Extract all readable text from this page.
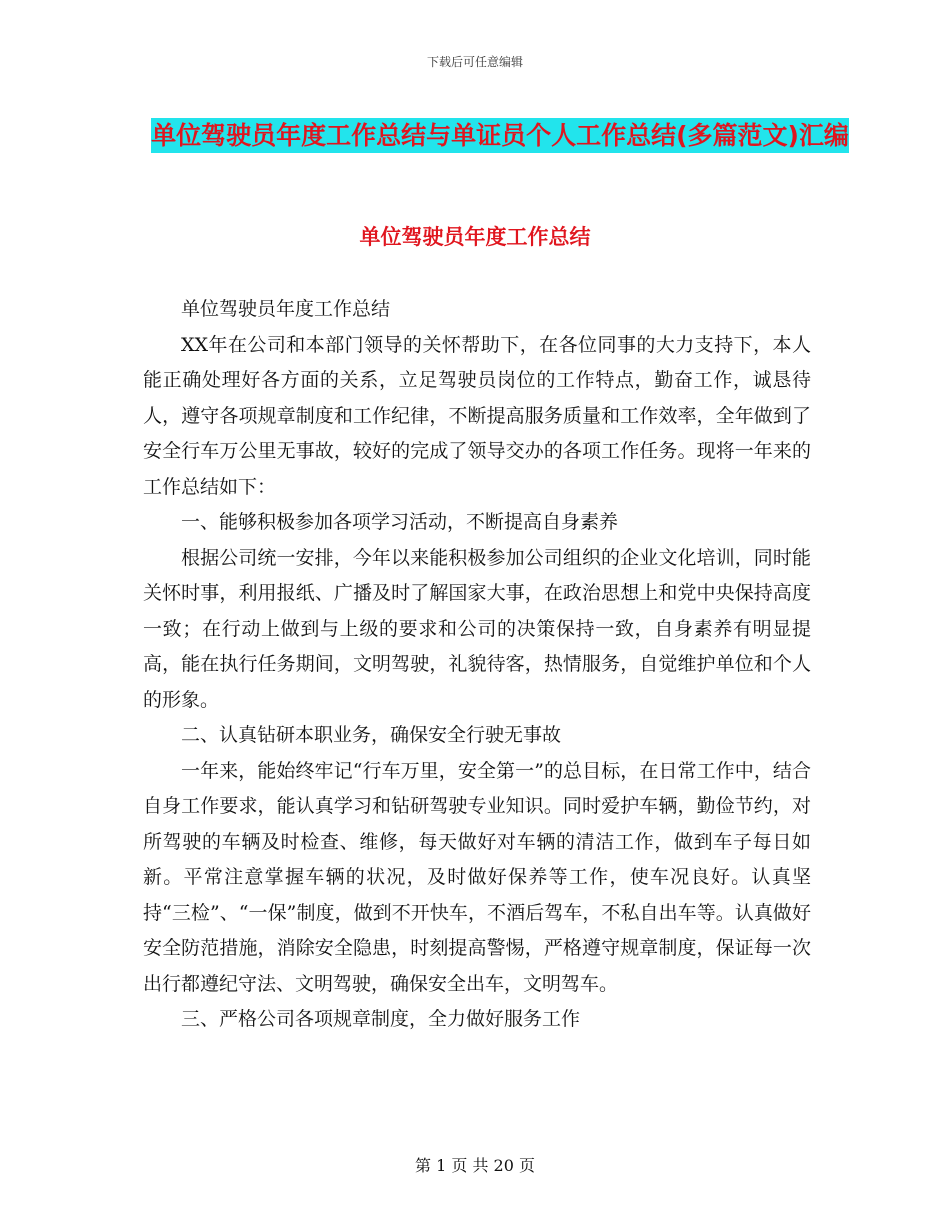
下载后可任意编辑
单位驾驶员年度工作总结与单证员个人工作总结(多篇范文)汇编
单位驾驶员年度工作总结

单位驾驶员年度工作总结

XX年在公司和本部门领导的关怀帮助下，在各位同事的大力支持下，本人能正确处理好各方面的关系，立足驾驶员岗位的工作特点，勤奋工作，诚恳待人，遵守各项规章制度和工作纪律，不断提高服务质量和工作效率，全年做到了安全行车万公里无事故，较好的完成了领导交办的各项工作任务。现将一年来的工作总结如下：

一、能够积极参加各项学习活动，不断提高自身素养

根据公司统一安排，今年以来能积极参加公司组织的企业文化培训，同时能关怀时事，利用报纸、广播及时了解国家大事，在政治思想上和党中央保持高度一致；在行动上做到与上级的要求和公司的决策保持一致，自身素养有明显提高，能在执行任务期间，文明驾驶，礼貌待客，热情服务，自觉维护单位和个人的形象。

二、认真钻研本职业务，确保安全行驶无事故

一年来，能始终牢记“行车万里，安全第一”的总目标，在日常工作中，结合自身工作要求，能认真学习和钻研驾驶专业知识。同时爱护车辆，勤俭节约，对所驾驶的车辆及时检查、维修，每天做好对车辆的清洁工作，做到车子每日如新。平常注意掌握车辆的状况，及时做好保养等工作，使车况良好。认真坚持“三检”、“一保”制度，做到不开快车，不酒后驾车，不私自出车等。认真做好安全防范措施，消除安全隐患，时刻提高警惕，严格遵守规章制度，保证每一次出行都遵纪守法、文明驾驶，确保安全出车，文明驾车。

三、严格公司各项规章制度，全力做好服务工作

第 1 页 共 20 页
